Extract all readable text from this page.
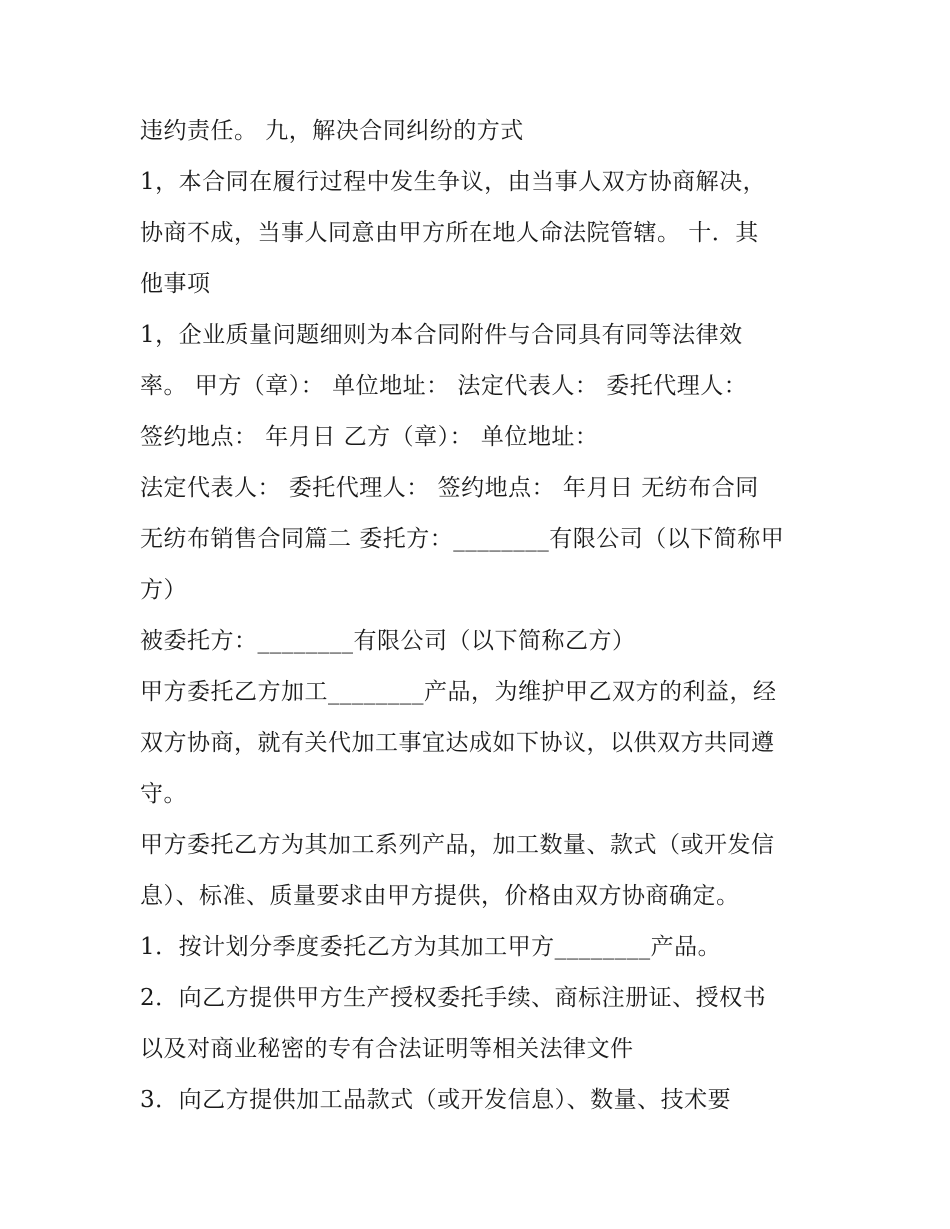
违约责任。 九，解决合同纠纷的方式
1，本合同在履行过程中发生争议，由当事人双方协商解决，
协商不成，当事人同意由甲方所在地人命法院管辖。 十．其
他事项
1，企业质量问题细则为本合同附件与合同具有同等法律效
率。 甲方（章）： 单位地址： 法定代表人： 委托代理人：
签约地点： 年月日 乙方（章）： 单位地址：
法定代表人： 委托代理人： 签约地点： 年月日 无纺布合同
无纺布销售合同篇二 委托方：________有限公司（以下简称甲
方）
被委托方：________有限公司（以下简称乙方）
甲方委托乙方加工________产品，为维护甲乙双方的利益，经
双方协商，就有关代加工事宜达成如下协议，以供双方共同遵
守。
甲方委托乙方为其加工系列产品，加工数量、款式（或开发信
息）、标准、质量要求由甲方提供，价格由双方协商确定。
1．按计划分季度委托乙方为其加工甲方________产品。
2．向乙方提供甲方生产授权委托手续、商标注册证、授权书
以及对商业秘密的专有合法证明等相关法律文件
3．向乙方提供加工品款式（或开发信息）、数量、技术要
